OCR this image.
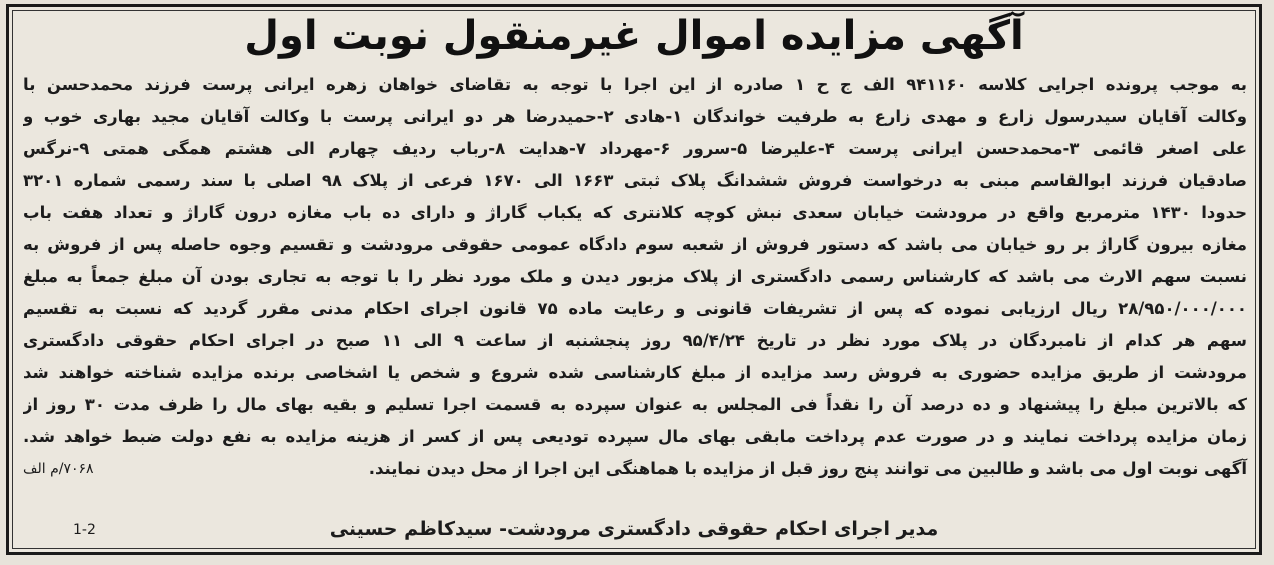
آگهی مزایده اموال غیرمنقول نوبت اول
به موجب پرونده اجرایی کلاسه ۹۴۱۱۶۰ الف ج ح ۱ صادره از این اجرا با توجه به تقاضای خواهان زهره ایرانی پرست فرزند محمدحسن با
وکالت آقایان سیدرسول زارع و مهدی زارع به طرفیت خواندگان ۱-هادی ۲-حمیدرضا هر دو ایرانی پرست با وکالت آقایان مجید بهاری خوب و
علی اصغر قائمی ۳-محمدحسن ایرانی پرست ۴-علیرضا ۵-سرور ۶-مهرداد ۷-هدایت ۸-رباب ردیف چهارم الی هشتم همگی همتی ۹-نرگس
صادقیان فرزند ابوالقاسم مبنی به درخواست فروش ششدانگ پلاک ثبتی ۱۶۶۳ الی ۱۶۷۰ فرعی از پلاک ۹۸ اصلی با سند رسمی شماره ۳۲۰۱
حدودا ۱۴۳۰ مترمربع واقع در مرودشت خیابان سعدی نبش کوچه کلانتری که یکباب گاراژ و دارای ده باب مغازه درون گاراژ و تعداد هفت باب
مغازه بیرون گاراژ بر رو خیابان می باشد که دستور فروش از شعبه سوم دادگاه عمومی حقوقی مرودشت و تقسیم وجوه حاصله پس از فروش به
نسبت سهم الارث می باشد که کارشناس رسمی دادگستری از پلاک مزبور دیدن و ملک مورد نظر را با توجه به تجاری بودن آن مبلغ جمعاً به مبلغ
۲۸/۹۵۰/۰۰۰/۰۰۰ ریال ارزیابی نموده که پس از تشریفات قانونی و رعایت ماده ۷۵ قانون اجرای احکام مدنی مقرر گردید که نسبت به تقسیم
سهم هر کدام از نامبردگان در پلاک مورد نظر در تاریخ ۹۵/۴/۲۴ روز پنجشنبه از ساعت ۹ الی ۱۱ صبح در اجرای احکام حقوقی دادگستری
مرودشت از طریق مزایده حضوری به فروش رسد مزایده از مبلغ کارشناسی شده شروع و شخص یا اشخاصی برنده مزایده شناخته خواهند شد
که بالاترین مبلغ را پیشنهاد و ده درصد آن را نقداً فی المجلس به عنوان سپرده به قسمت اجرا تسلیم و بقیه بهای مال را ظرف مدت ۳۰ روز از
زمان مزایده پرداخت نمایند و در صورت عدم پرداخت مابقی بهای مال سپرده تودیعی پس از کسر از هزینه مزایده به نفع دولت ضبط خواهد شد.
آگهی نوبت اول می باشد و طالبین می توانند پنج روز قبل از مزایده با هماهنگی این اجرا از محل دیدن نمایند.
۷۰۶۸/م الف
مدیر اجرای احکام حقوقی دادگستری مرودشت- سیدکاظم حسینی
1-2
